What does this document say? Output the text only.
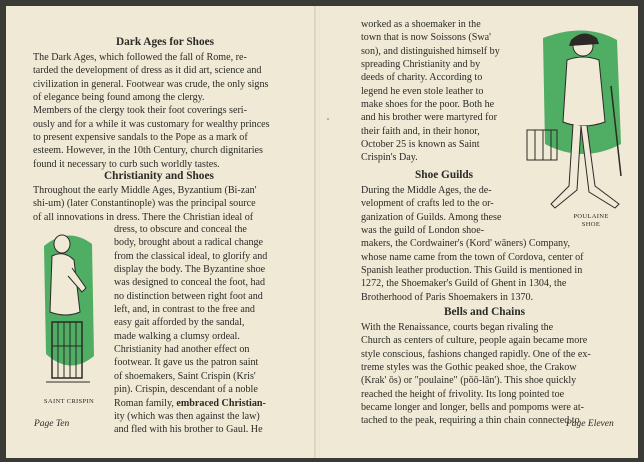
Dark Ages for Shoes
The Dark Ages, which followed the fall of Rome, re-
tarded the development of dress as it did art, science and
civilization in general. Footwear was crude, the only signs
of elegance being found among the clergy.
Members of the clergy took their foot coverings seri-
ously and for a while it was customary for wealthy princes
to present expensive sandals to the Pope as a mark of
esteem. However, in the 10th Century, church dignitaries
found it necessary to curb such worldly tastes.
Christianity and Shoes
Throughout the early Middle Ages, Byzantium (Bi-zan'
shi-um) (later Constantinople) was the principal source
of all innovations in dress. There the Christian ideal of
SAINT CRISPIN
dress, to obscure and conceal the
body, brought about a radical change
from the classical ideal, to glorify and
display the body. The Byzantine shoe
was designed to conceal the foot, had
no distinction between right foot and
left, and, in contrast to the free and
easy gait afforded by the sandal,
made walking a clumsy ordeal.
Christianity had another effect on
footwear. It gave us the patron saint
of shoemakers, Saint Crispin (Kris'
pin). Crispin, descendant of a noble
Roman family, embraced Christian-
ity (which was then against the law)
and fled with his brother to Gaul. He
Page Ten
worked as a shoemaker in the
town that is now Soissons (Swa'
son), and distinguished himself by
spreading Christianity and by
deeds of charity. According to
legend he even stole leather to
make shoes for the poor. Both he
and his brother were martyred for
their faith and, in their honor,
October 25 is known as Saint
Crispin's Day.
Shoe Guilds
During the Middle Ages, the de-
velopment of crafts led to the or-
ganization of Guilds. Among these
was the guild of London shoe-
makers, the Cordwainer's (Kord' wāners) Company,
whose name came from the town of Cordova, center of
Spanish leather production. This Guild is mentioned in
1272, the Shoemaker's Guild of Ghent in 1304, the
Brotherhood of Paris Shoemakers in 1370.
Bells and Chains
With the Renaissance, courts began rivaling the
Church as centers of culture, people again became more
style conscious, fashions changed rapidly. One of the ex-
treme styles was the Gothic peaked shoe, the Crakow
(Krak' ōs) or "poulaine" (pōō-lān'). This shoe quickly
reached the height of frivolity. Its long pointed toe
became longer and longer, bells and pompoms were at-
tached to the peak, requiring a thin chain connected to
POULAINE
SHOE
Page Eleven
